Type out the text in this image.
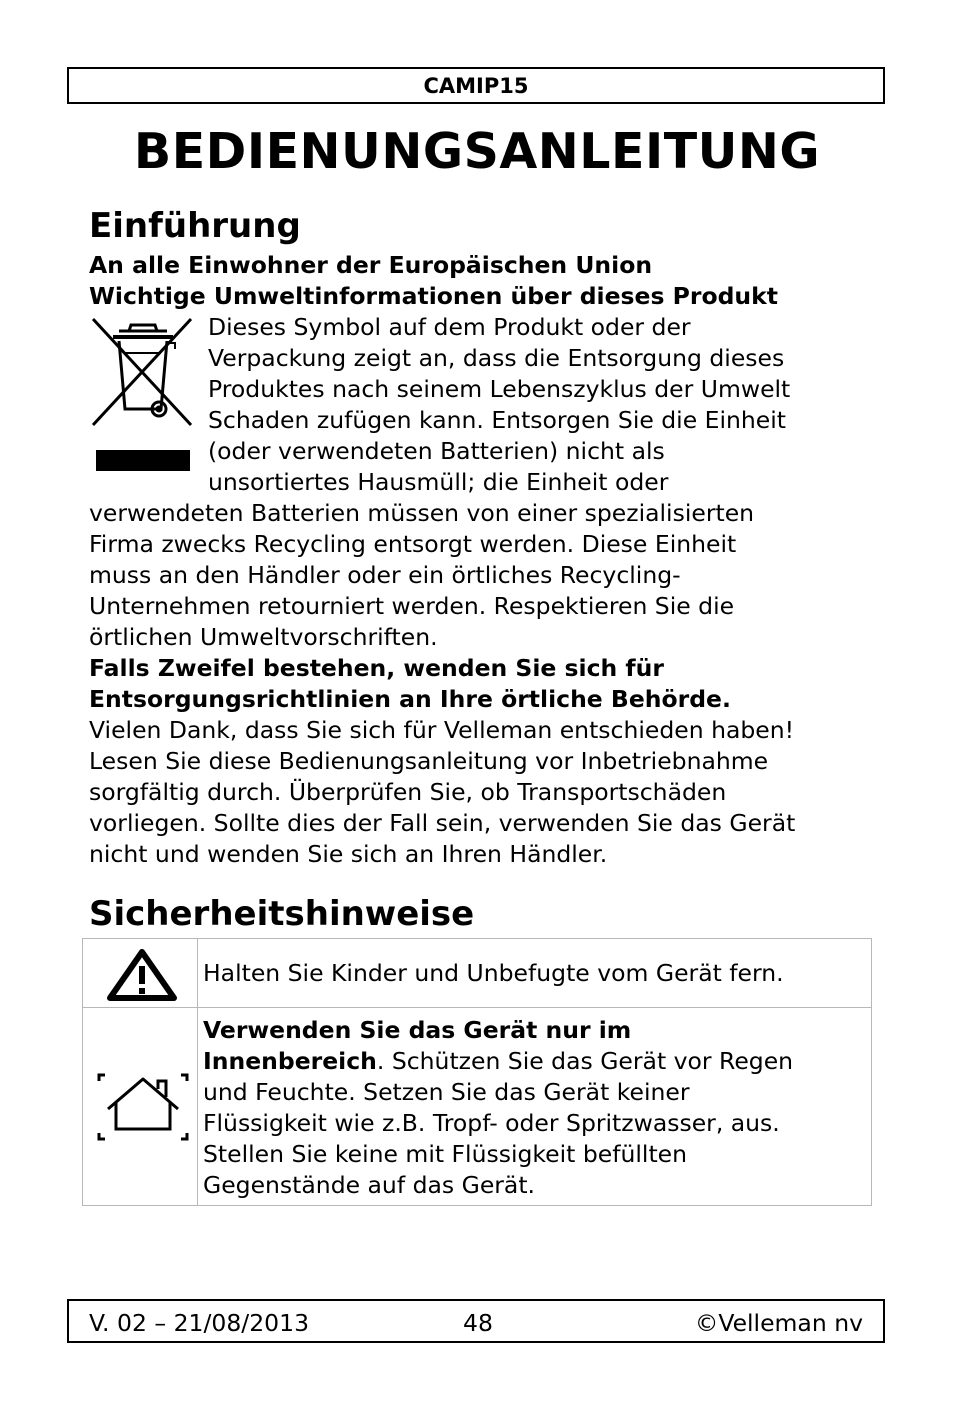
CAMIP15
BEDIENUNGSANLEITUNG
Einführung
An alle Einwohner der Europäischen Union
Wichtige Umweltinformationen über dieses Produkt
Dieses Symbol auf dem Produkt oder der
Verpackung zeigt an, dass die Entsorgung dieses
Produktes nach seinem Lebenszyklus der Umwelt
Schaden zufügen kann. Entsorgen Sie die Einheit
(oder verwendeten Batterien) nicht als
unsortiertes Hausmüll; die Einheit oder
verwendeten Batterien müssen von einer spezialisierten
Firma zwecks Recycling entsorgt werden. Diese Einheit
muss an den Händler oder ein örtliches Recycling-
Unternehmen retourniert werden. Respektieren Sie die
örtlichen Umweltvorschriften.
Falls Zweifel bestehen, wenden Sie sich für
Entsorgungsrichtlinien an Ihre örtliche Behörde.
Vielen Dank, dass Sie sich für Velleman entschieden haben!
Lesen Sie diese Bedienungsanleitung vor Inbetriebnahme
sorgfältig durch. Überprüfen Sie, ob Transportschäden
vorliegen. Sollte dies der Fall sein, verwenden Sie das Gerät
nicht und wenden Sie sich an Ihren Händler.
Sicherheitshinweise
Halten Sie Kinder und Unbefugte vom Gerät fern.
Verwenden Sie das Gerät nur im
Innenbereich. Schützen Sie das Gerät vor Regen
und Feuchte. Setzen Sie das Gerät keiner
Flüssigkeit wie z.B. Tropf- oder Spritzwasser, aus.
Stellen Sie keine mit Flüssigkeit befüllten
Gegenstände auf das Gerät.
V. 02 – 21/08/2013	48	©Velleman nv
